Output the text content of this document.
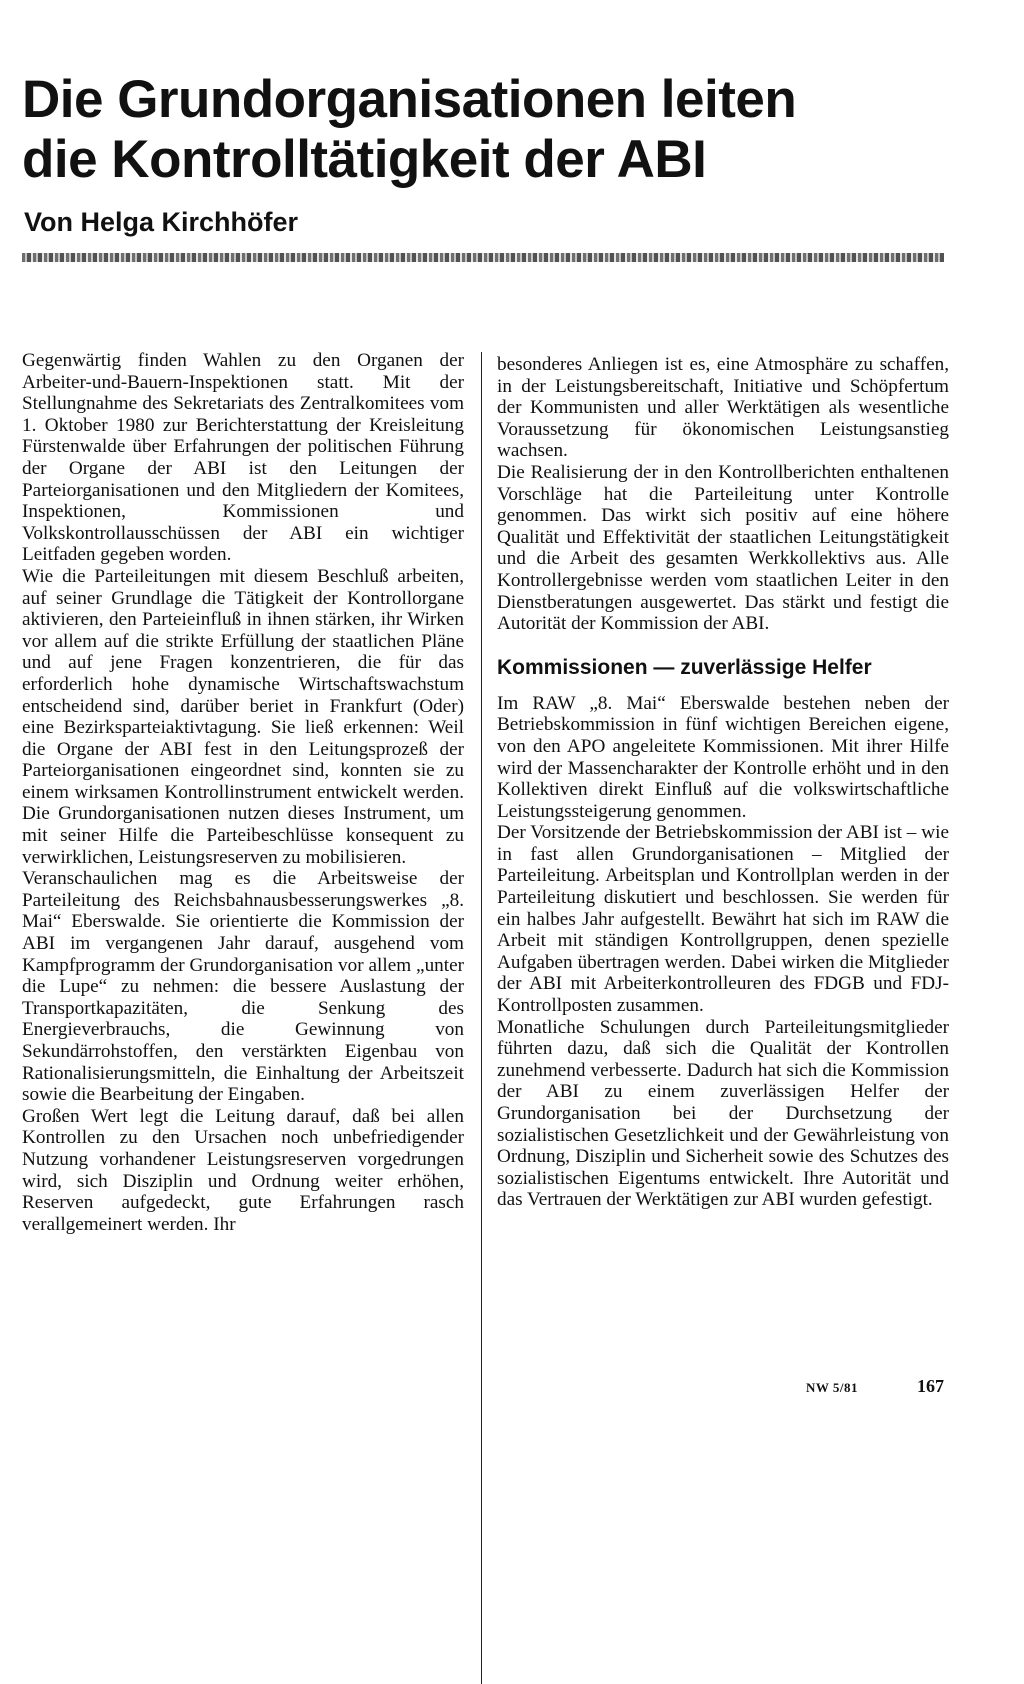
Die Grundorganisationen leiten
die Kontrolltätigkeit der ABI
Von Helga Kirchhöfer

Gegenwärtig finden Wahlen zu den Organen der Arbeiter-und-Bauern-Inspektionen statt. Mit der Stellungnahme des Sekretariats des Zentralkomitees vom 1. Oktober 1980 zur Berichterstattung der Kreisleitung Fürstenwalde über Erfahrungen der politischen Führung der Organe der ABI ist den Leitungen der Parteiorganisationen und den Mitgliedern der Komitees, Inspektionen, Kommissionen und Volkskontrollausschüssen der ABI ein wichtiger Leitfaden gegeben worden.

Wie die Parteileitungen mit diesem Beschluß arbeiten, auf seiner Grundlage die Tätigkeit der Kontrollorgane aktivieren, den Parteieinfluß in ihnen stärken, ihr Wirken vor allem auf die strikte Erfüllung der staatlichen Pläne und auf jene Fragen konzentrieren, die für das erforderlich hohe dynamische Wirtschaftswachstum entscheidend sind, darüber beriet in Frankfurt (Oder) eine Bezirksparteiaktivtagung. Sie ließ erkennen: Weil die Organe der ABI fest in den Leitungsprozeß der Parteiorganisationen eingeordnet sind, konnten sie zu einem wirksamen Kontrollinstrument entwickelt werden. Die Grundorganisationen nutzen dieses Instrument, um mit seiner Hilfe die Parteibeschlüsse konsequent zu verwirklichen, Leistungsreserven zu mobilisieren.

Veranschaulichen mag es die Arbeitsweise der Parteileitung des Reichsbahnausbesserungswerkes „8. Mai“ Eberswalde. Sie orientierte die Kommission der ABI im vergangenen Jahr darauf, ausgehend vom Kampfprogramm der Grundorganisation vor allem „unter die Lupe“ zu nehmen: die bessere Auslastung der Transportkapazitäten, die Senkung des Energieverbrauchs, die Gewinnung von Sekundärrohstoffen, den verstärkten Eigenbau von Rationalisierungsmitteln, die Einhaltung der Arbeitszeit sowie die Bearbeitung der Eingaben.

Großen Wert legt die Leitung darauf, daß bei allen Kontrollen zu den Ursachen noch unbefriedigender Nutzung vorhandener Leistungsreserven vorgedrungen wird, sich Disziplin und Ordnung weiter erhöhen, Reserven aufgedeckt, gute Erfahrungen rasch verallgemeinert werden. Ihr

besonderes Anliegen ist es, eine Atmosphäre zu schaffen, in der Leistungsbereitschaft, Initiative und Schöpfertum der Kommunisten und aller Werktätigen als wesentliche Voraussetzung für ökonomischen Leistungsanstieg wachsen.

Die Realisierung der in den Kontrollberichten enthaltenen Vorschläge hat die Parteileitung unter Kontrolle genommen. Das wirkt sich positiv auf eine höhere Qualität und Effektivität der staatlichen Leitungstätigkeit und die Arbeit des gesamten Werkkollektivs aus. Alle Kontrollergebnisse werden vom staatlichen Leiter in den Dienstberatungen ausgewertet. Das stärkt und festigt die Autorität der Kommission der ABI.

Kommissionen — zuverlässige Helfer

Im RAW „8. Mai“ Eberswalde bestehen neben der Betriebskommission in fünf wichtigen Bereichen eigene, von den APO angeleitete Kommissionen. Mit ihrer Hilfe wird der Massencharakter der Kontrolle erhöht und in den Kollektiven direkt Einfluß auf die volkswirtschaftliche Leistungssteigerung genommen.

Der Vorsitzende der Betriebskommission der ABI ist – wie in fast allen Grundorganisationen – Mitglied der Parteileitung. Arbeitsplan und Kontrollplan werden in der Parteileitung diskutiert und beschlossen. Sie werden für ein halbes Jahr aufgestellt. Bewährt hat sich im RAW die Arbeit mit ständigen Kontrollgruppen, denen spezielle Aufgaben übertragen werden. Dabei wirken die Mitglieder der ABI mit Arbeiterkontrolleuren des FDGB und FDJ-Kontrollposten zusammen.

Monatliche Schulungen durch Parteileitungsmitglieder führten dazu, daß sich die Qualität der Kontrollen zunehmend verbesserte. Dadurch hat sich die Kommission der ABI zu einem zuverlässigen Helfer der Grundorganisation bei der Durchsetzung der sozialistischen Gesetzlichkeit und der Gewährleistung von Ordnung, Disziplin und Sicherheit sowie des Schutzes des sozialistischen Eigentums entwickelt. Ihre Autorität und das Vertrauen der Werktätigen zur ABI wurden gefestigt.

NW 5/81	167
